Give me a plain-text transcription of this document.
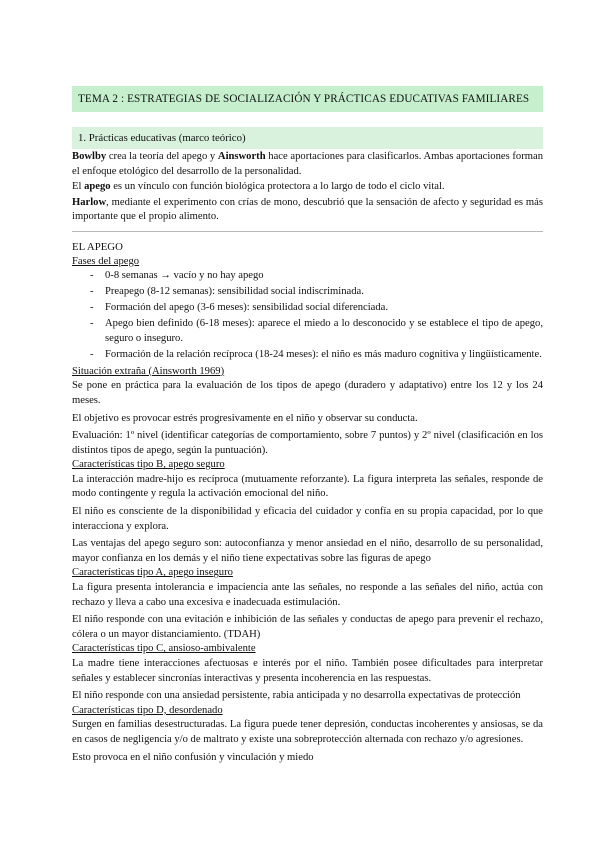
TEMA 2 : ESTRATEGIAS DE SOCIALIZACIÓN Y PRÁCTICAS EDUCATIVAS FAMILIARES
1. Prácticas educativas (marco teórico)

Bowlby crea la teoría del apego y Ainsworth hace aportaciones para clasificarlos. Ambas aportaciones forman el enfoque etológico del desarrollo de la personalidad.

El apego es un vínculo con función biológica protectora a lo largo de todo el ciclo vital.

Harlow, mediante el experimento con crías de mono, descubrió que la sensación de afecto y seguridad es más importante que el propio alimento.

EL APEGO
Fases del apego
- 0-8 semanas → vacío y no hay apego
- Preapego (8-12 semanas): sensibilidad social indiscriminada.
- Formación del apego (3-6 meses): sensibilidad social diferenciada.
- Apego bien definido (6-18 meses): aparece el miedo a lo desconocido y se establece el tipo de apego, seguro o inseguro.
- Formación de la relación recíproca (18-24 meses): el niño es más maduro cognitiva y lingüísticamente.
Situación extraña (Ainsworth 1969)

Se pone en práctica para la evaluación de los tipos de apego (duradero y adaptativo) entre los 12 y los 24 meses.

El objetivo es provocar estrés progresivamente en el niño y observar su conducta.

Evaluación: 1º nivel (identificar categorías de comportamiento, sobre 7 puntos) y 2º nivel (clasificación en los distintos tipos de apego, según la puntuación).

Características tipo B, apego seguro

La interacción madre-hijo es recíproca (mutuamente reforzante). La figura interpreta las señales, responde de modo contingente y regula la activación emocional del niño.

El niño es consciente de la disponibilidad y eficacia del cuidador y confía en su propia capacidad, por lo que interacciona y explora.

Las ventajas del apego seguro son: autoconfianza y menor ansiedad en el niño, desarrollo de su personalidad, mayor confianza en los demás y el niño tiene expectativas sobre las figuras de apego

Características tipo A, apego inseguro

La figura presenta intolerancia e impaciencia ante las señales, no responde a las señales del niño, actúa con rechazo y lleva a cabo una excesiva e inadecuada estimulación.

El niño responde con una evitación e inhibición de las señales y conductas de apego para prevenir el rechazo, cólera o un mayor distanciamiento. (TDAH)

Características tipo C, ansioso-ambivalente

La madre tiene interacciones afectuosas e interés por el niño. También posee dificultades para interpretar señales y establecer sincronías interactivas y presenta incoherencia en las respuestas.

El niño responde con una ansiedad persistente, rabia anticipada y no desarrolla expectativas de protección

Características tipo D, desordenado

Surgen en familias desestructuradas. La figura puede tener depresión, conductas incoherentes y ansiosas, se da en casos de negligencia y/o de maltrato y existe una sobreprotección alternada con rechazo y/o agresiones.

Esto provoca en el niño confusión y vinculación y miedo
